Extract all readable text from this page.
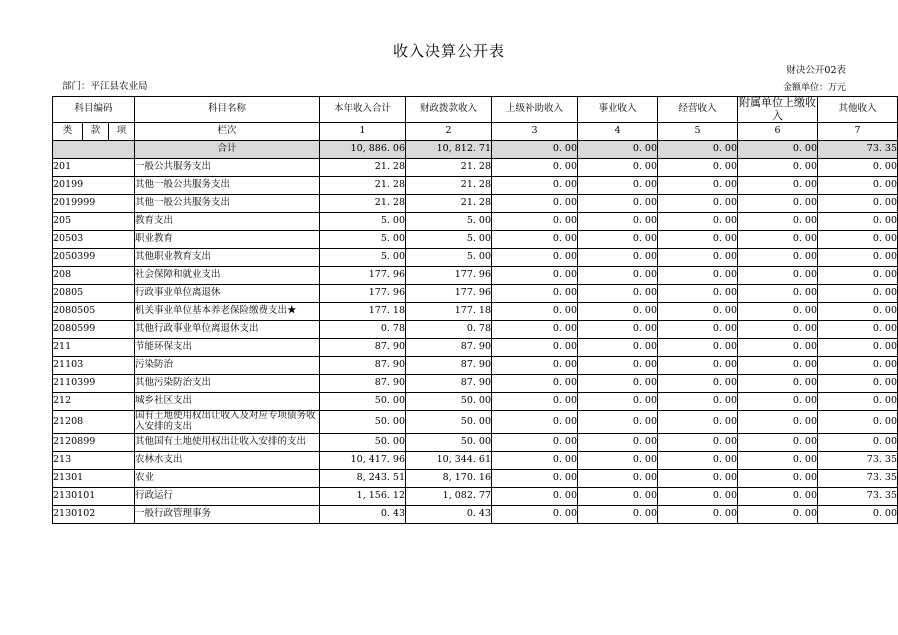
收入决算公开表
财决公开02表
部门：平江县农业局	金额单位：万元
科目编码			科目名称	本年收入合计	财政拨款收入	上级补助收入	事业收入	经营收入	附属单位上缴收入	其他收入
类	款	项	栏次	1	2	3	4	5	6	7
			合计	10, 886. 06	10, 812. 71	0. 00	0. 00	0. 00	0. 00	73. 35
201			一般公共服务支出	21. 28	21. 28	0. 00	0. 00	0. 00	0. 00	0. 00
20199			其他一般公共服务支出	21. 28	21. 28	0. 00	0. 00	0. 00	0. 00	0. 00
2019999			其他一般公共服务支出	21. 28	21. 28	0. 00	0. 00	0. 00	0. 00	0. 00
205			教育支出	5. 00	5. 00	0. 00	0. 00	0. 00	0. 00	0. 00
20503			职业教育	5. 00	5. 00	0. 00	0. 00	0. 00	0. 00	0. 00
2050399			其他职业教育支出	5. 00	5. 00	0. 00	0. 00	0. 00	0. 00	0. 00
208			社会保障和就业支出	177. 96	177. 96	0. 00	0. 00	0. 00	0. 00	0. 00
20805			行政事业单位离退休	177. 96	177. 96	0. 00	0. 00	0. 00	0. 00	0. 00
2080505			机关事业单位基本养老保险缴费支出★	177. 18	177. 18	0. 00	0. 00	0. 00	0. 00	0. 00
2080599			其他行政事业单位离退休支出	0. 78	0. 78	0. 00	0. 00	0. 00	0. 00	0. 00
211			节能环保支出	87. 90	87. 90	0. 00	0. 00	0. 00	0. 00	0. 00
21103			污染防治	87. 90	87. 90	0. 00	0. 00	0. 00	0. 00	0. 00
2110399			其他污染防治支出	87. 90	87. 90	0. 00	0. 00	0. 00	0. 00	0. 00
212			城乡社区支出	50. 00	50. 00	0. 00	0. 00	0. 00	0. 00	0. 00
21208			国有土地使用权出让收入及对应专项债务收入安排的支出	50. 00	50. 00	0. 00	0. 00	0. 00	0. 00	0. 00
2120899			其他国有土地使用权出让收入安排的支出	50. 00	50. 00	0. 00	0. 00	0. 00	0. 00	0. 00
213			农林水支出	10, 417. 96	10, 344. 61	0. 00	0. 00	0. 00	0. 00	73. 35
21301			农业	8, 243. 51	8, 170. 16	0. 00	0. 00	0. 00	0. 00	73. 35
2130101			行政运行	1, 156. 12	1, 082. 77	0. 00	0. 00	0. 00	0. 00	73. 35
2130102			一般行政管理事务	0. 43	0. 43	0. 00	0. 00	0. 00	0. 00	0. 00
